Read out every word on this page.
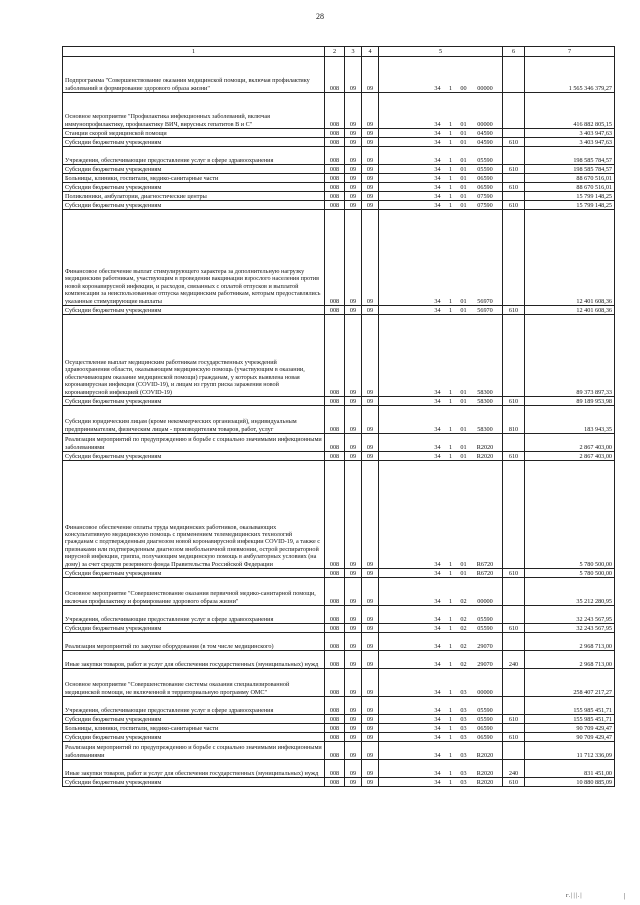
28
1	2	3	4	5	6	7
Подпрограмма "Совершенствование оказания медицинской помощи, включая профилактику заболеваний и формирование здорового образа жизни"	008	09	09	34 1 00 00000		1 565 346 379,27
Основное мероприятие "Профилактика инфекционных заболеваний, включая иммунопрофилактику, профилактику ВИЧ, вирусных гепатитов В и С"	008	09	09	34 1 01 00000		416 882 805,15
Станции скорой медицинской помощи	008	09	09	34 1 01 04590		3 403 947,63
Субсидии бюджетным учреждениям	008	09	09	34 1 01 04590	610	3 403 947,63
Учреждения, обеспечивающие предоставление услуг в сфере здравоохранения	008	09	09	34 1 01 05590		198 585 784,57
Субсидии бюджетным учреждениям	008	09	09	34 1 01 05590	610	198 585 784,57
Больницы, клиники, госпитали, медико-санитарные части	008	09	09	34 1 01 06590		88 670 516,01
Субсидии бюджетным учреждениям	008	09	09	34 1 01 06590	610	88 670 516,01
Поликлиники, амбулатории, диагностические центры	008	09	09	34 1 01 07590		15 799 148,25
Субсидии бюджетным учреждениям	008	09	09	34 1 01 07590	610	15 799 148,25
Финансовое обеспечение выплат стимулирующего характера за дополнительную нагрузку медицинским работникам, участвующим в проведении вакцинации взрослого населения против новой коронавирусной инфекции, и расходов, связанных с оплатой отпусков и выплатой компенсации за неиспользованные отпуска медицинским работникам, которым предоставлялись указанные стимулирующие выплаты	008	09	09	34 1 01 56970		12 401 608,36
Субсидии бюджетным учреждениям	008	09	09	34 1 01 56970	610	12 401 608,36
Осуществление выплат медицинским работникам государственных учреждений здравоохранения области, оказывающим медицинскую помощь (участвующим в оказании, обеспечивающим оказание медицинской помощи) гражданам, у которых выявлена новая коронавирусная инфекция (COVID-19), и лицам из групп риска заражения новой коронавирусной инфекцией (COVID-19)	008	09	09	34 1 01 58300		89 373 897,33
Субсидии бюджетным учреждениям	008	09	09	34 1 01 58300	610	89 189 953,98
Субсидии юридическим лицам (кроме некоммерческих организаций), индивидуальным предпринимателям, физическим лицам - производителям товаров, работ, услуг	008	09	09	34 1 01 58300	810	183 943,35
Реализация мероприятий по предупреждению и борьбе с социально значимыми инфекционными заболеваниями	008	09	09	34 1 01 R2020		2 867 403,00
Субсидии бюджетным учреждениям	008	09	09	34 1 01 R2020	610	2 867 403,00
Финансовое обеспечение оплаты труда медицинских работников, оказывающих консультативную медицинскую помощь с применением телемедицинских технологий гражданам с подтвержденным диагнозом новой коронавирусной инфекции COVID-19, а также с признаками или подтвержденным диагнозом внебольничной пневмонии, острой респираторной вирусной инфекции, гриппа, получающим медицинскую помощь в амбулаторных условиях (на дому) за счет средств резервного фонда Правительства Российской Федерации	008	09	09	34 1 01 R6720		5 780 500,00
Субсидии бюджетным учреждениям	008	09	09	34 1 01 R6720	610	5 780 500,00
Основное мероприятие "Совершенствование оказания первичной медико-санитарной помощи, включая профилактику и формирование здорового образа жизни"	008	09	09	34 1 02 00000		35 212 280,95
Учреждения, обеспечивающие предоставление услуг в сфере здравоохранения	008	09	09	34 1 02 05590		32 243 567,95
Субсидии бюджетным учреждениям	008	09	09	34 1 02 05590	610	32 243 567,95
Реализация мероприятий по закупке оборудования (в том числе медицинского)	008	09	09	34 1 02 29070		2 968 713,00
Иные закупки товаров, работ и услуг для обеспечения государственных (муниципальных) нужд	008	09	09	34 1 02 29070	240	2 968 713,00
Основное мероприятие "Совершенствование системы оказания специализированной медицинской помощи, не включенной в территориальную программу ОМС"	008	09	09	34 1 03 00000		258 407 217,27
Учреждения, обеспечивающие предоставление услуг в сфере здравоохранения	008	09	09	34 1 03 05590		155 985 451,71
Субсидии бюджетным учреждениям	008	09	09	34 1 03 05590	610	155 985 451,71
Больницы, клиники, госпитали, медико-санитарные части	008	09	09	34 1 03 06590		90 709 429,47
Субсидии бюджетным учреждениям	008	09	09	34 1 03 06590	610	90 709 429,47
Реализация мероприятий по предупреждению и борьбе с социально значимыми инфекционными заболеваниями	008	09	09	34 1 03 R2020		11 712 336,09
Иные закупки товаров, работ и услуг для обеспечения государственных (муниципальных) нужд	008	09	09	34 1 03 R2020	240	831 451,00
Субсидии бюджетным учреждениям	008	09	09	34 1 03 R2020	610	10 880 885,09
г.|||.|	|
